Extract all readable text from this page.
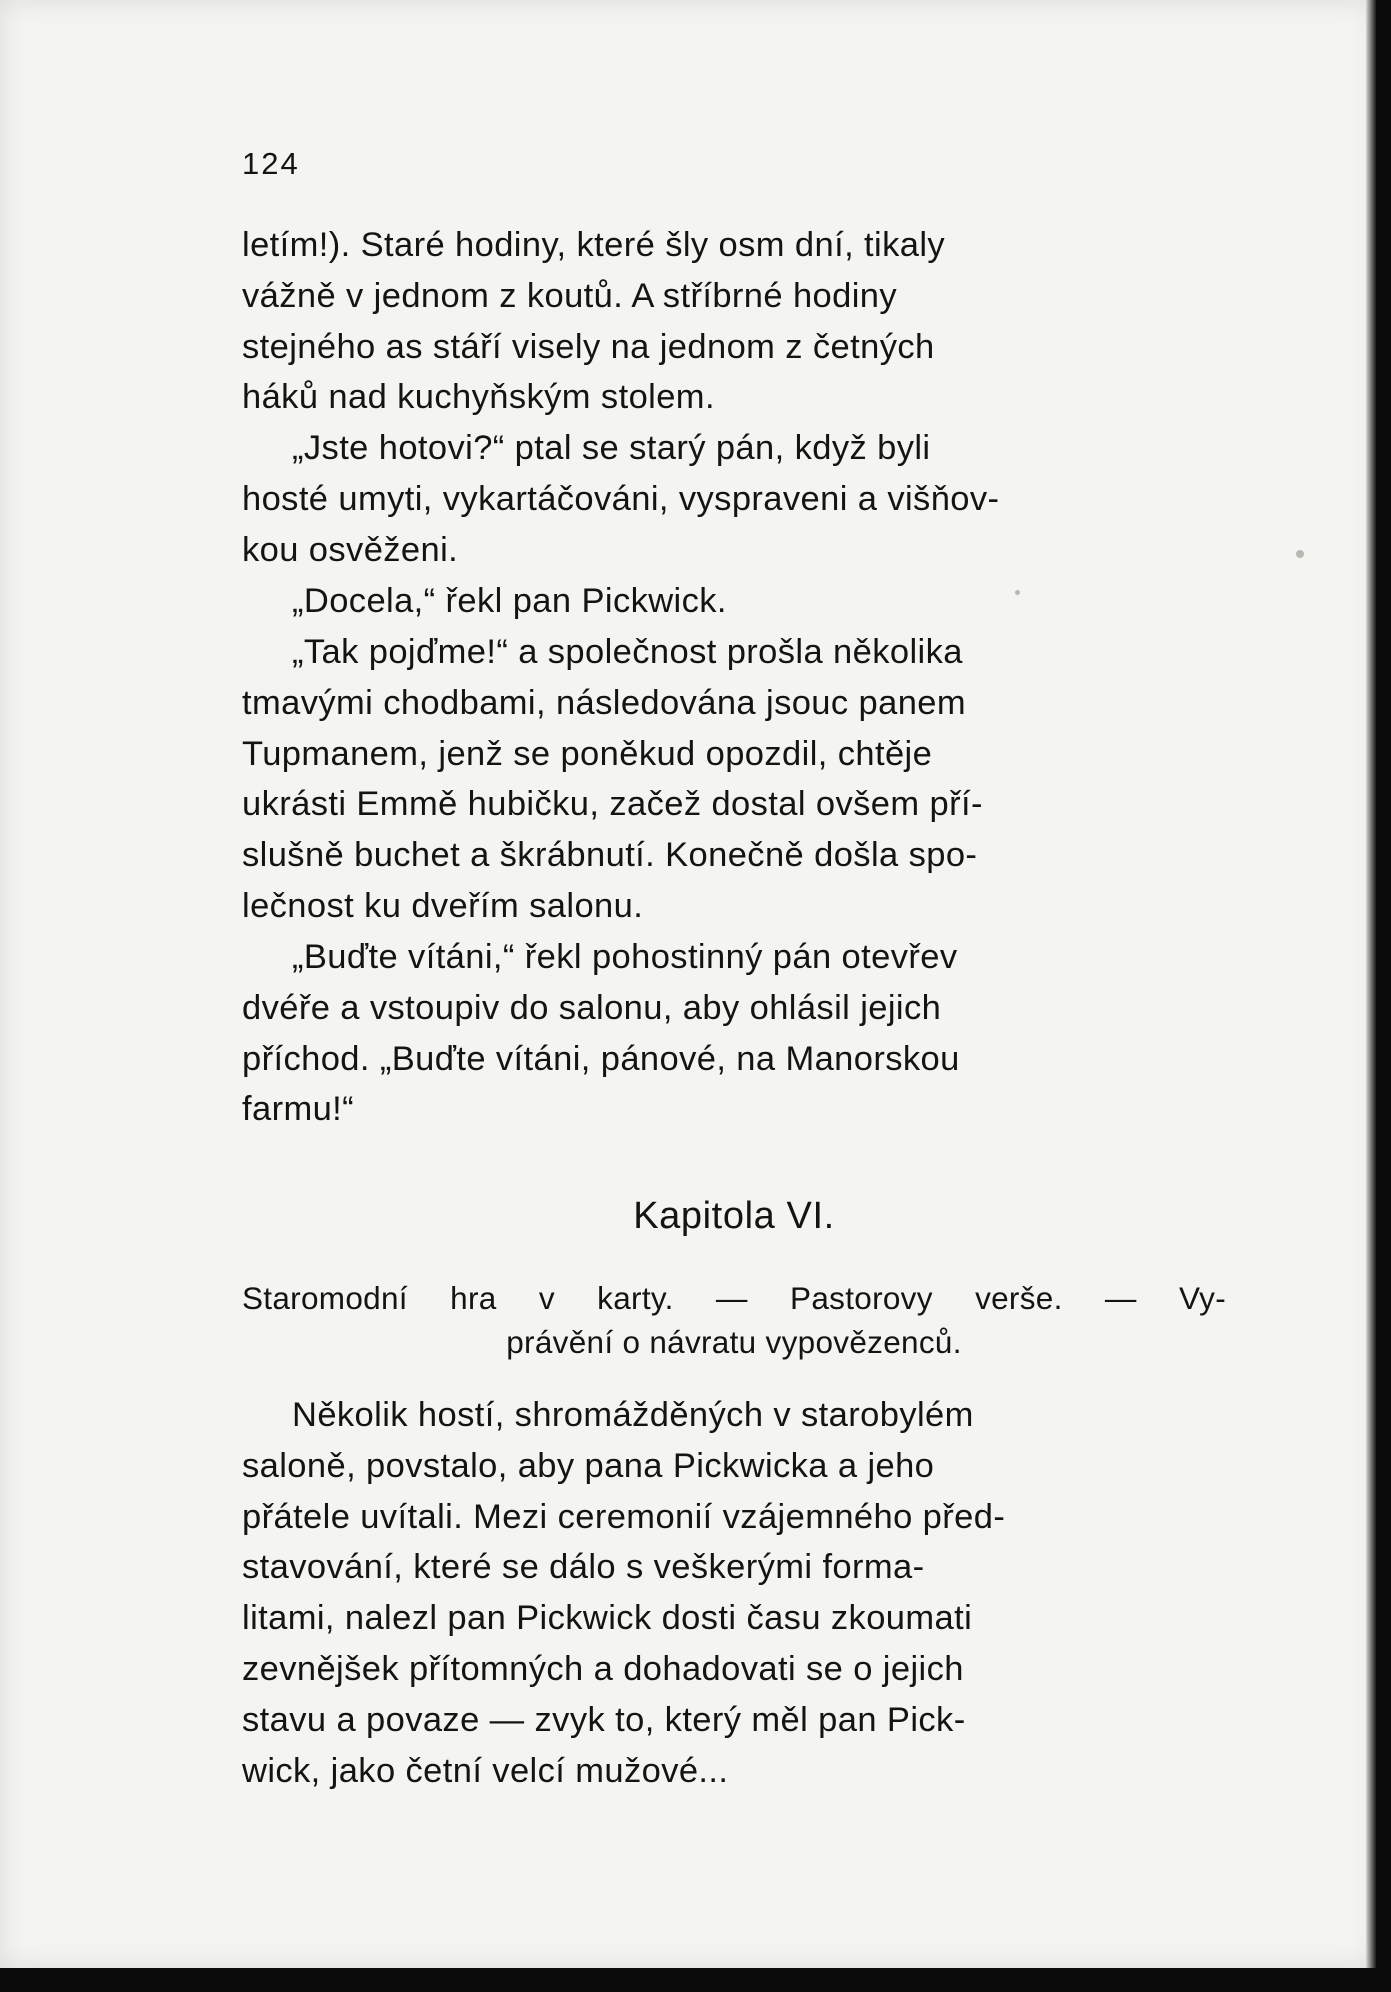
124

letím!). Staré hodiny, které šly osm dní, tikaly
vážně v jednom z koutů. A stříbrné hodiny
stejného as stáří visely na jednom z četných
háků nad kuchyňským stolem.

„Jste hotovi?“ ptal se starý pán, když byli
hosté umyti, vykartáčováni, vyspraveni a višňov-
kou osvěženi.

„Docela,“ řekl pan Pickwick.

„Tak pojďme!“ a společnost prošla několika
tmavými chodbami, následována jsouc panem
Tupmanem, jenž se poněkud opozdil, chtěje
ukrásti Emmě hubičku, začež dostal ovšem pří-
slušně buchet a škrábnutí. Konečně došla spo-
lečnost ku dveřím salonu.

„Buďte vítáni,“ řekl pohostinný pán otevřev
dvéře a vstoupiv do salonu, aby ohlásil jejich
příchod. „Buďte vítáni, pánové, na Manorskou
farmu!“

Kapitola VI.

Staromodní hra v karty. — Pastorovy verše. — Vy-
právění o návratu vypovězenců.

Několik hostí, shromážděných v starobylém
saloně, povstalo, aby pana Pickwicka a jeho
přátele uvítali. Mezi ceremonií vzájemného před-
stavování, které se dálo s veškerými forma-
litami, nalezl pan Pickwick dosti času zkoumati
zevnějšek přítomných a dohadovati se o jejich
stavu a povaze — zvyk to, který měl pan Pick-
wick, jako četní velcí mužové...
